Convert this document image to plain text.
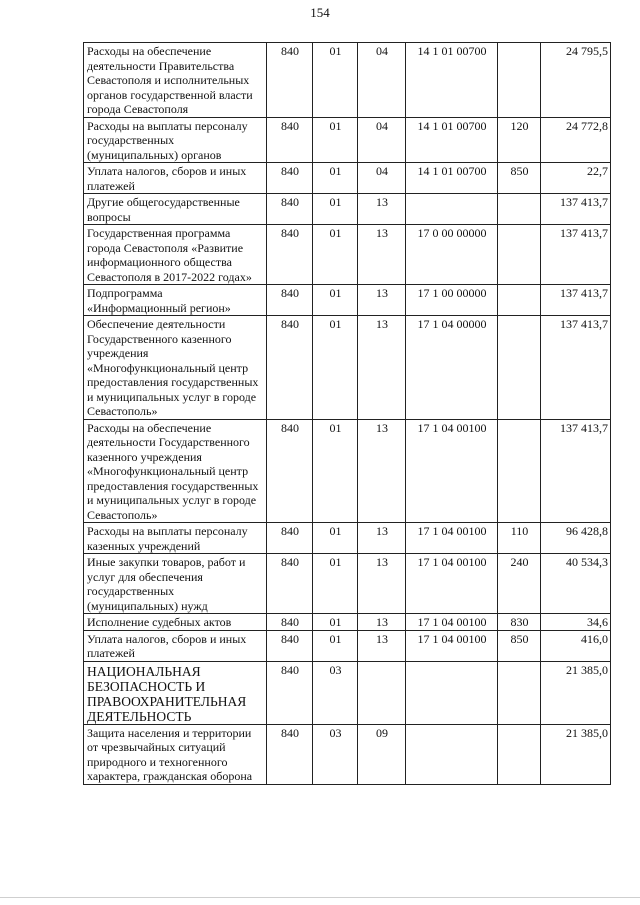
154
Расходы на обеспечение деятельности Правительства Севастополя и исполнительных органов государственной власти города Севастополя	840	01	04	14 1 01 00700		24 795,5
Расходы на выплаты персоналу государственных (муниципальных) органов	840	01	04	14 1 01 00700	120	24 772,8
Уплата налогов, сборов и иных платежей	840	01	04	14 1 01 00700	850	22,7
Другие общегосударственные вопросы	840	01	13			137 413,7
Государственная программа города Севастополя «Развитие информационного общества Севастополя в 2017-2022 годах»	840	01	13	17 0 00 00000		137 413,7
Подпрограмма «Информационный регион»	840	01	13	17 1 00 00000		137 413,7
Обеспечение деятельности Государственного казенного учреждения «Многофункциональный центр предоставления государственных и муниципальных услуг в городе Севастополь»	840	01	13	17 1 04 00000		137 413,7
Расходы на обеспечение деятельности Государственного казенного учреждения «Многофункциональный центр предоставления государственных и муниципальных услуг в городе Севастополь»	840	01	13	17 1 04 00100		137 413,7
Расходы на выплаты персоналу казенных учреждений	840	01	13	17 1 04 00100	110	96 428,8
Иные закупки товаров, работ и услуг для обеспечения государственных (муниципальных) нужд	840	01	13	17 1 04 00100	240	40 534,3
Исполнение судебных актов	840	01	13	17 1 04 00100	830	34,6
Уплата налогов, сборов и иных платежей	840	01	13	17 1 04 00100	850	416,0
НАЦИОНАЛЬНАЯ БЕЗОПАСНОСТЬ И ПРАВООХРАНИТЕЛЬНАЯ ДЕЯТЕЛЬНОСТЬ	840	03				21 385,0
Защита населения и территории от чрезвычайных ситуаций природного и техногенного характера, гражданская оборона	840	03	09			21 385,0
